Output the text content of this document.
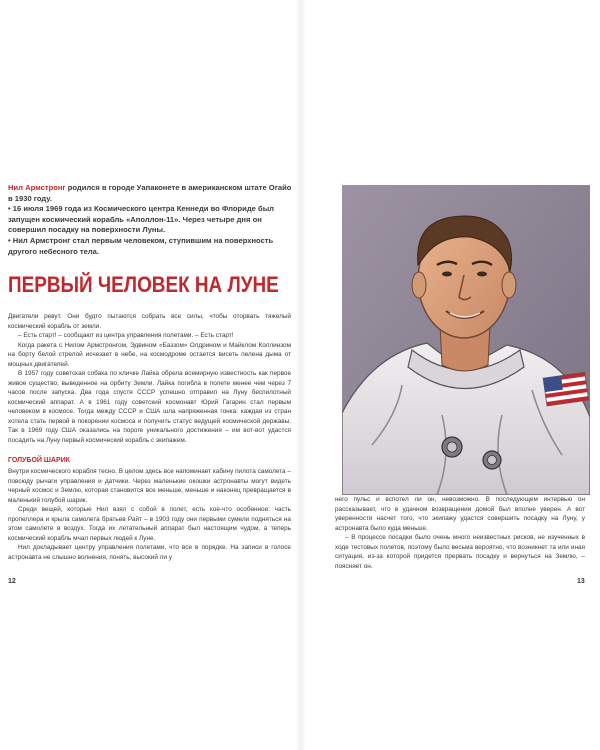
Нил Армстронг родился в городе Уапаконете в американском штате Огайо в 1930 году.

• 16 июля 1969 года из Космического центра Кеннеди во Флориде был запущен космический корабль «Аполлон-11». Через четыре дня он совершил посадку на поверхности Луны.

• Нил Армстронг стал первым человеком, ступившим на поверхность другого небесного тела.

ПЕРВЫЙ ЧЕЛОВЕК НА ЛУНЕ

Двигатели ревут. Они будто пытаются собрать все силы, чтобы оторвать тяжелый космический корабль от земли.

– Есть старт! – сообщают из центра управления полетами. – Есть старт!

Когда ракета с Нилом Армстронгом, Эдвином «Баззом» Олдрином и Майклом Коллинзом на борту белой стрелой исчезает в небе, на космодроме остается висеть пелена дыма от мощных двигателей.

В 1957 году советская собака по кличке Лайка обрела всемирную известность как первое живое существо, выведенное на орбиту Земли. Лайка погибла в полете менее чем через 7 часов после запуска. Два года спустя СССР успешно отправил на Луну беспилотный космический аппарат. А в 1961 году советский космонавт Юрий Гагарин стал первым человеком в космосе. Тогда между СССР и США шла напряженная гонка: каждая из стран хотела стать первой в покорении космоса и получить статус ведущей космической державы. Так в 1969 году США оказались на пороге уникального достижения – им вот-вот удастся посадить на Луну первый космический корабль с экипажем.

ГОЛУБОЙ ШАРИК

Внутри космического корабля тесно. В целом здесь все напоминает кабину пилота самолета – повсюду рычаги управления и датчики. Через маленькие окошки астронавты могут видеть черный космос и Землю, которая становится все меньше, меньше и наконец превращается в маленький голубой шарик.

Среди вещей, которые Нил взял с собой в полет, есть кое-что особенное: часть пропеллера и крыла самолета братьев Райт – в 1903 году они первыми сумели подняться на этом самолете в воздух. Тогда их летательный аппарат был настоящим чудом, а теперь космический корабль мчал первых людей к Луне.

Нил докладывает центру управления полетами, что все в порядке. На записи в голосе астронавта не слышно волнения, понять, высокий ли у

12

него пульс и вспотел ли он, невозможно. В последующем интервью он рассказывает, что в удачном возвращении домой был вполне уверен. А вот уверенности насчет того, что экипажу удастся совершить посадку на Луну, у астронавта было куда меньше.

– В процессе посадки было очень много неизвестных рисков, не изученных в ходе тестовых полетов, поэтому было весьма вероятно, что возникнет та или иная ситуация, из-за которой придется прервать посадку и вернуться на Землю, – поясняет он.

13
